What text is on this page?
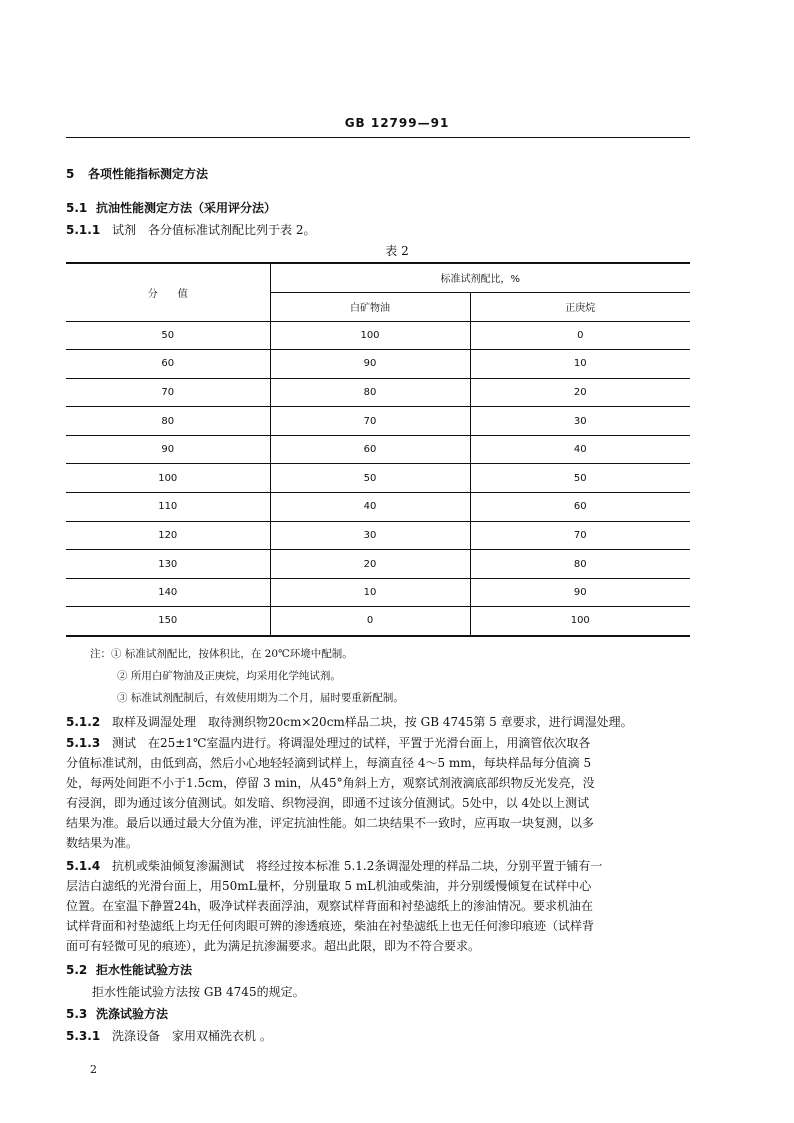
GB 12799—91
5 各项性能指标测定方法
5.1 抗油性能测定方法（采用评分法）
5.1.1 试剂　各分值标准试剂配比列于表 2。
表 2
分　　值	标准试剂配比，%	
	白矿物油	正庚烷
50	100	0
60	90	10
70	80	20
80	70	30
90	60	40
100	50	50
110	40	60
120	30	70
130	20	80
140	10	90
150	0	100
注：① 标准试剂配比，按体积比，在 20℃环境中配制。
② 所用白矿物油及正庚烷，均采用化学纯试剂。
③ 标准试剂配制后，有效使用期为二个月，届时要重新配制。
5.1.2 取样及调湿处理　取待测织物20cm×20cm样品二块，按 GB 4745第 5 章要求，进行调湿处理。
5.1.3 测试　在25±1℃室温内进行。将调湿处理过的试样，平置于光滑台面上，用滴管依次取各
分值标准试剂，由低到高，然后小心地轻轻滴到试样上，每滴直径 4～5 mm，每块样品每分值滴 5
处，每两处间距不小于1.5cm，停留 3 min，从45°角斜上方，观察试剂液滴底部织物反光发亮，没
有浸润，即为通过该分值测试。如发暗、织物浸润，即通不过该分值测试。5处中，以 4处以上测试
结果为准。最后以通过最大分值为准，评定抗油性能。如二块结果不一致时，应再取一块复测，以多
数结果为准。
5.1.4 抗机或柴油倾复渗漏测试　将经过按本标准 5.1.2条调湿处理的样品二块，分别平置于铺有一
层洁白滤纸的光滑台面上，用50mL量杯，分别量取 5 mL机油或柴油，并分别缓慢倾复在试样中心
位置。在室温下静置24h，吸净试样表面浮油，观察试样背面和衬垫滤纸上的渗油情况。要求机油在
试样背面和衬垫滤纸上均无任何肉眼可辨的渗透痕迹，柴油在衬垫滤纸上也无任何渗印痕迹（试样背
面可有轻微可见的痕迹），此为满足抗渗漏要求。超出此限，即为不符合要求。
5.2 拒水性能试验方法
拒水性能试验方法按 GB 4745的规定。
5.3 洗涤试验方法
5.3.1 洗涤设备　家用双桶洗衣机 。
2
